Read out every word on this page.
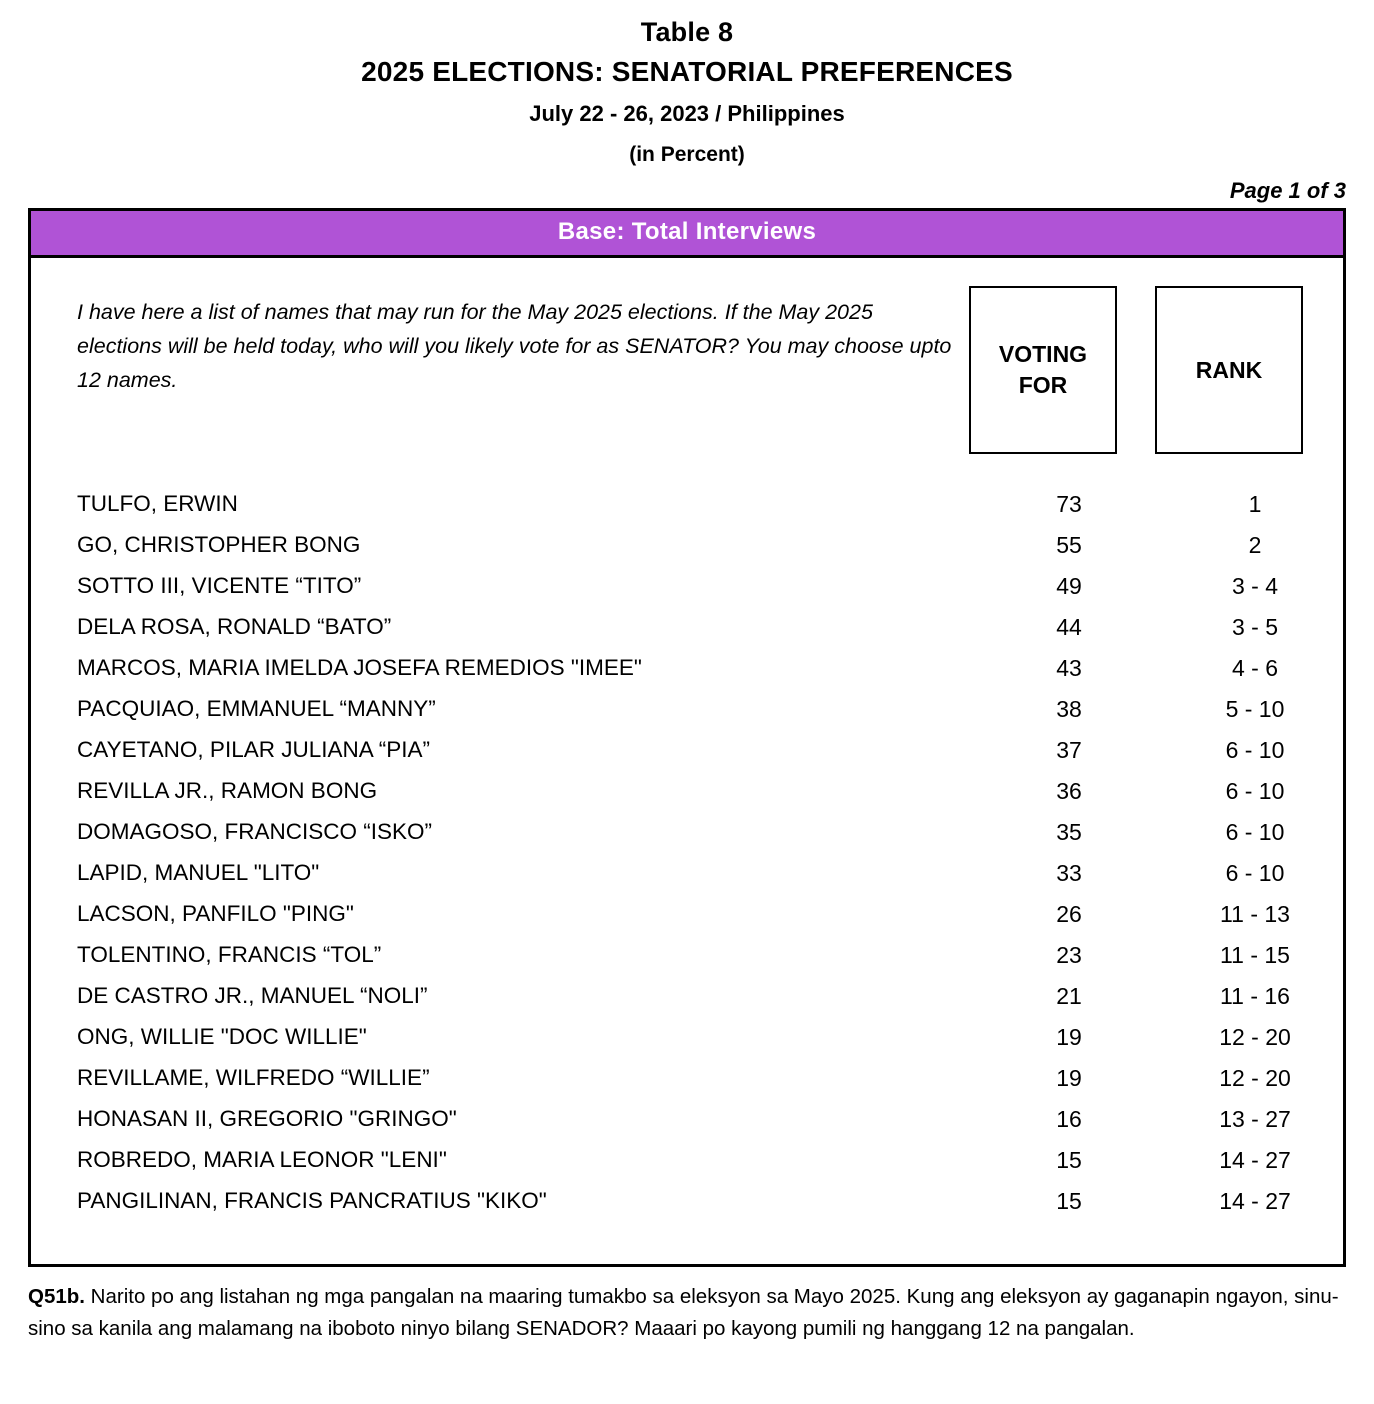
Table 8
2025 ELECTIONS: SENATORIAL PREFERENCES
July 22 - 26, 2023 / Philippines
(in Percent)
Page 1 of 3
Base: Total Interviews
I have here a list of names that may run for the May 2025 elections. If the May 2025 elections will be held today, who will you likely vote for as SENATOR? You may choose upto 12 names.
VOTING
FOR
RANK
TULFO, ERWIN	73	1
GO, CHRISTOPHER BONG	55	2
SOTTO III, VICENTE “TITO”	49	3 - 4
DELA ROSA, RONALD “BATO”	44	3 - 5
MARCOS, MARIA IMELDA JOSEFA REMEDIOS "IMEE"	43	4 - 6
PACQUIAO, EMMANUEL “MANNY”	38	5 - 10
CAYETANO, PILAR JULIANA “PIA”	37	6 - 10
REVILLA JR., RAMON BONG	36	6 - 10
DOMAGOSO, FRANCISCO “ISKO”	35	6 - 10
LAPID, MANUEL "LITO"	33	6 - 10
LACSON, PANFILO "PING"	26	11 - 13
TOLENTINO, FRANCIS “TOL”	23	11 - 15
DE CASTRO JR., MANUEL “NOLI”	21	11 - 16
ONG, WILLIE "DOC WILLIE"	19	12 - 20
REVILLAME, WILFREDO “WILLIE”	19	12 - 20
HONASAN II, GREGORIO "GRINGO"	16	13 - 27
ROBREDO, MARIA LEONOR "LENI"	15	14 - 27
PANGILINAN, FRANCIS PANCRATIUS "KIKO"	15	14 - 27
Q51b. Narito po ang listahan ng mga pangalan na maaring tumakbo sa eleksyon sa Mayo 2025. Kung ang eleksyon ay gaganapin ngayon, sinu-sino sa kanila ang malamang na iboboto ninyo bilang SENADOR? Maaari po kayong pumili ng hanggang 12 na pangalan.
